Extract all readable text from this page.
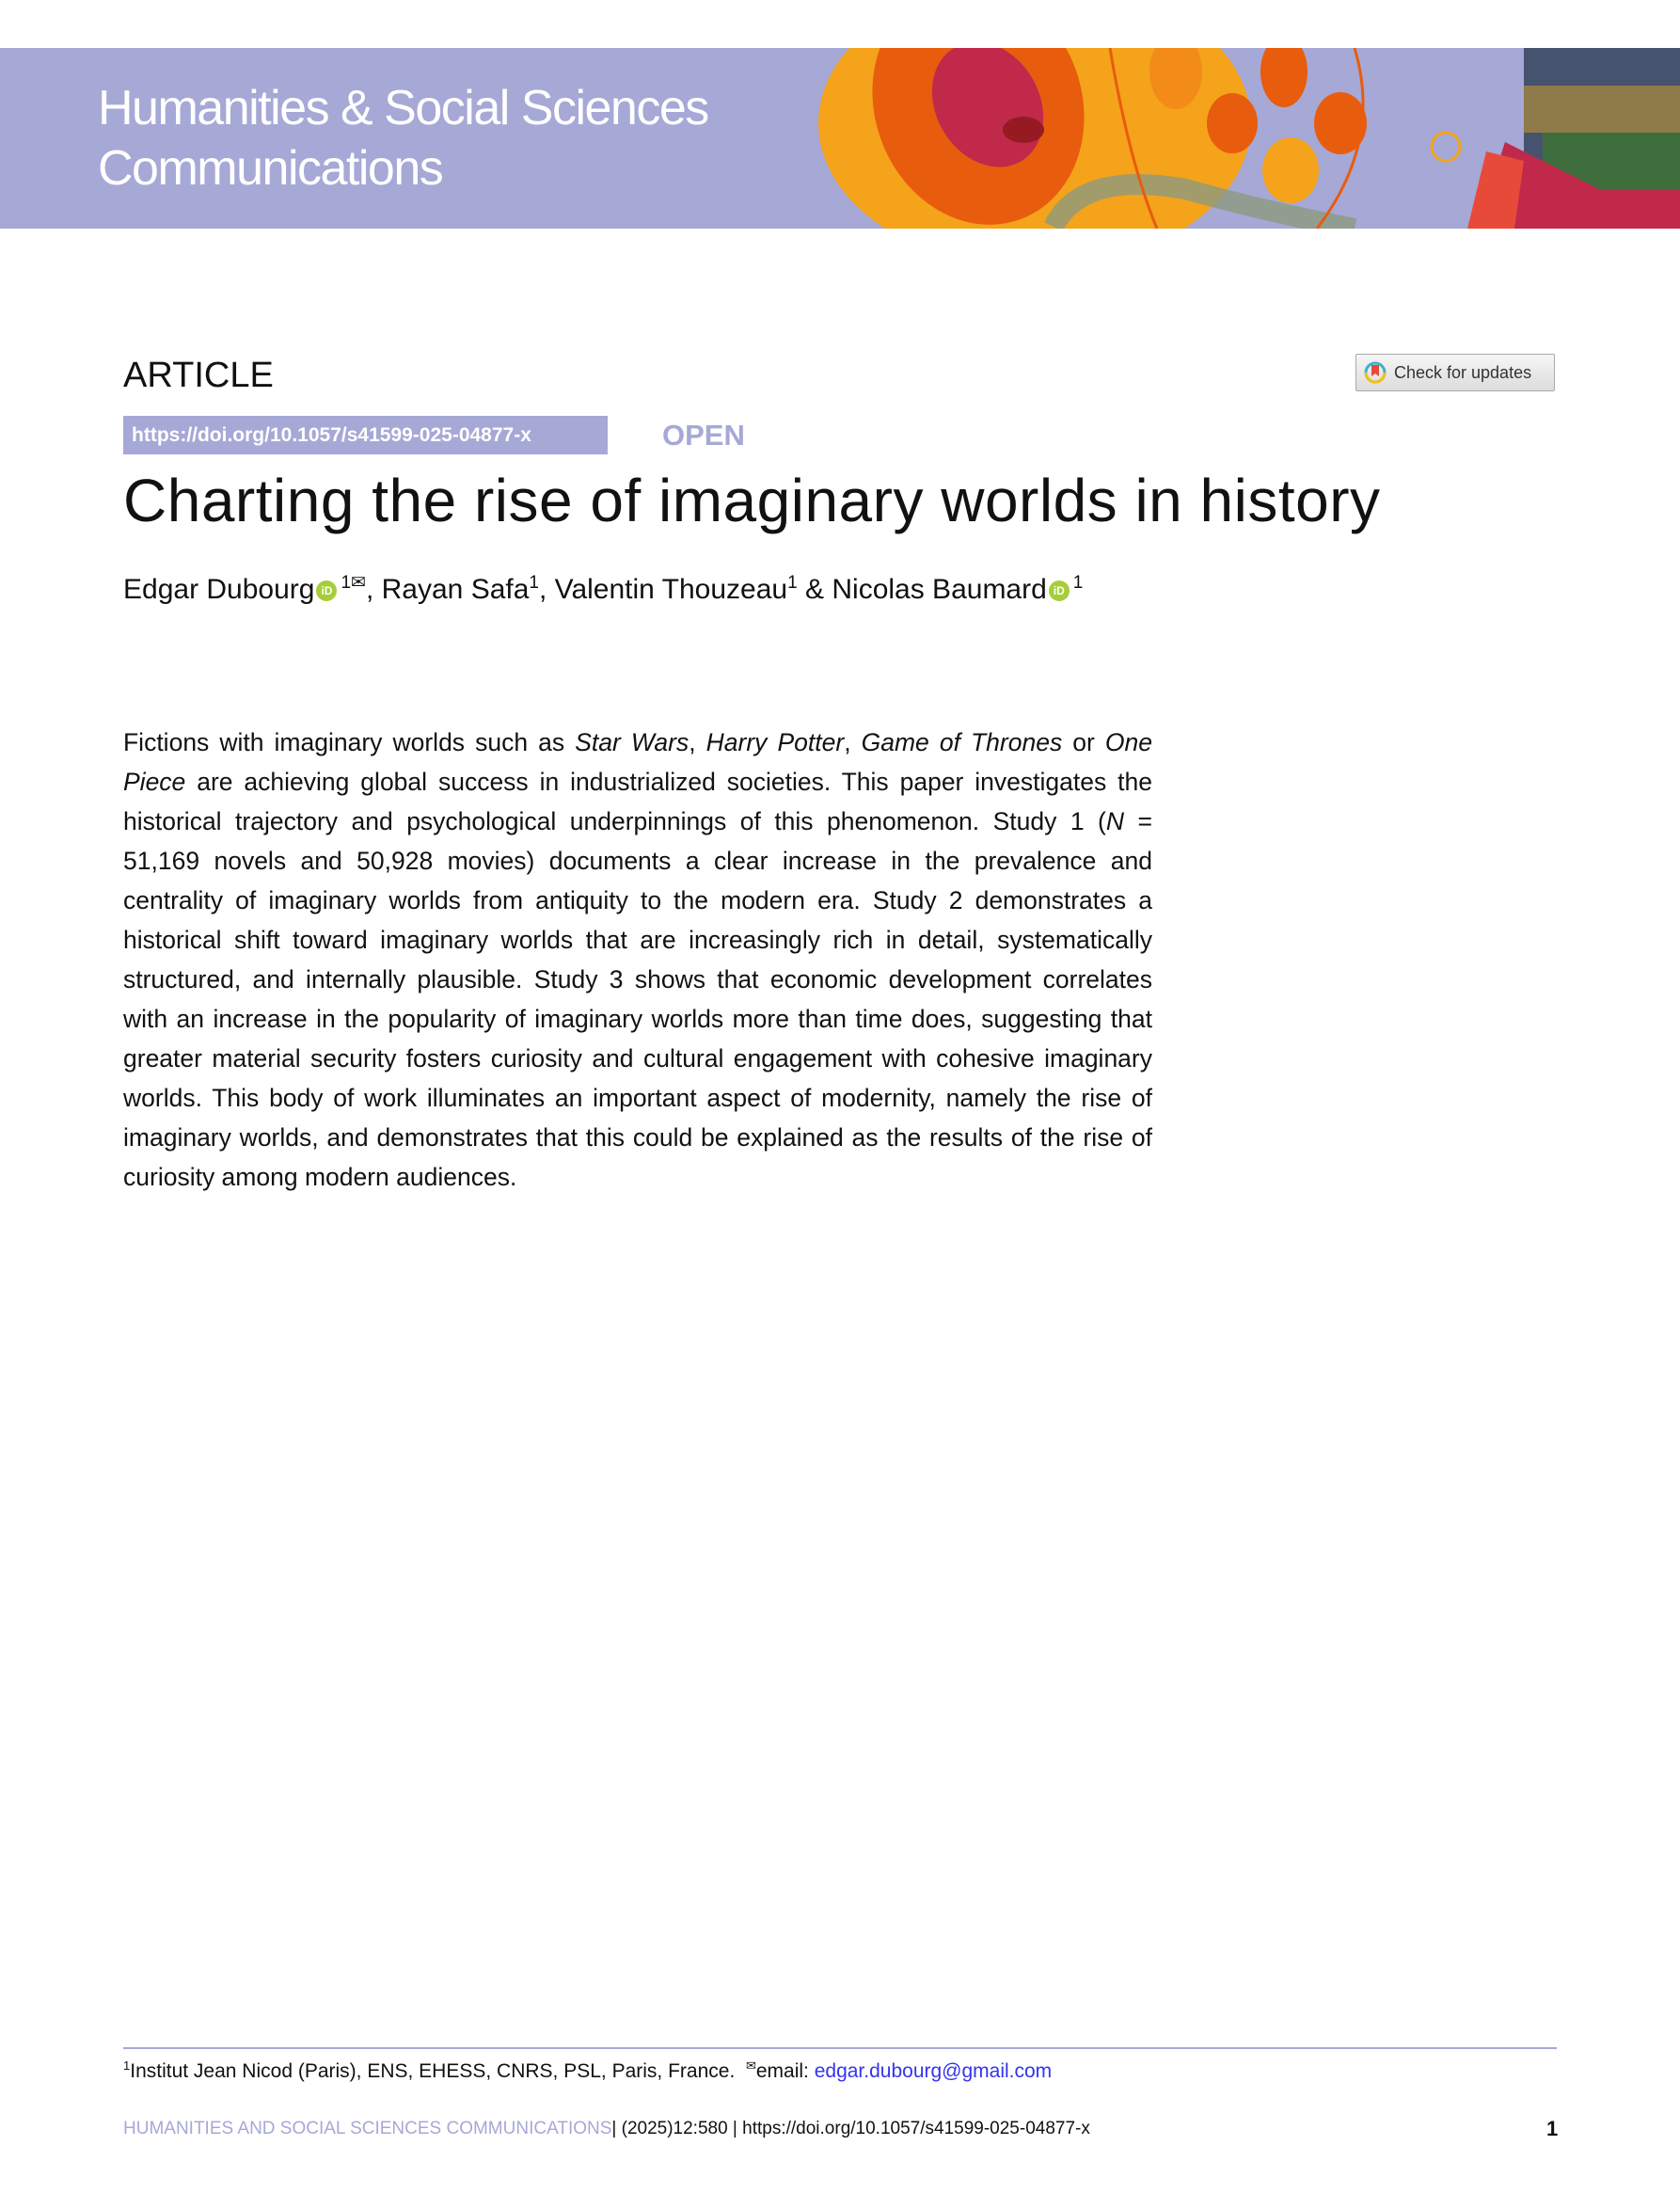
Humanities & Social Sciences
Communications
ARTICLE	Check for updates
https://doi.org/10.1057/s41599-025-04877-x	OPEN
Charting the rise of imaginary worlds in history
Edgar Dubourg iD $^{1✉}$, Rayan Safa$^1$, Valentin Thouzeau$^1$ & Nicolas Baumard iD $^1$
Fictions with imaginary worlds such as Star Wars, Harry Potter, Game of Thrones or One Piece are achieving global success in industrialized societies. This paper investigates the historical trajectory and psychological underpinnings of this phenomenon. Study 1 (N = 51,169 novels and 50,928 movies) documents a clear increase in the prevalence and centrality of imaginary worlds from antiquity to the modern era. Study 2 demonstrates a historical shift toward imaginary worlds that are increasingly rich in detail, systematically structured, and internally plausible. Study 3 shows that economic development correlates with an increase in the popularity of imaginary worlds more than time does, suggesting that greater material security fosters curiosity and cultural engagement with cohesive imaginary worlds. This body of work illuminates an important aspect of modernity, namely the rise of imaginary worlds, and demonstrates that this could be explained as the results of the rise of curiosity among modern audiences.
$^1$Institut Jean Nicod (Paris), ENS, EHESS, CNRS, PSL, Paris, France. ✉email: edgar.dubourg@gmail.com
HUMANITIES AND SOCIAL SCIENCES COMMUNICATIONS| (2025)12:580 | https://doi.org/10.1057/s41599-025-04877-x	1
